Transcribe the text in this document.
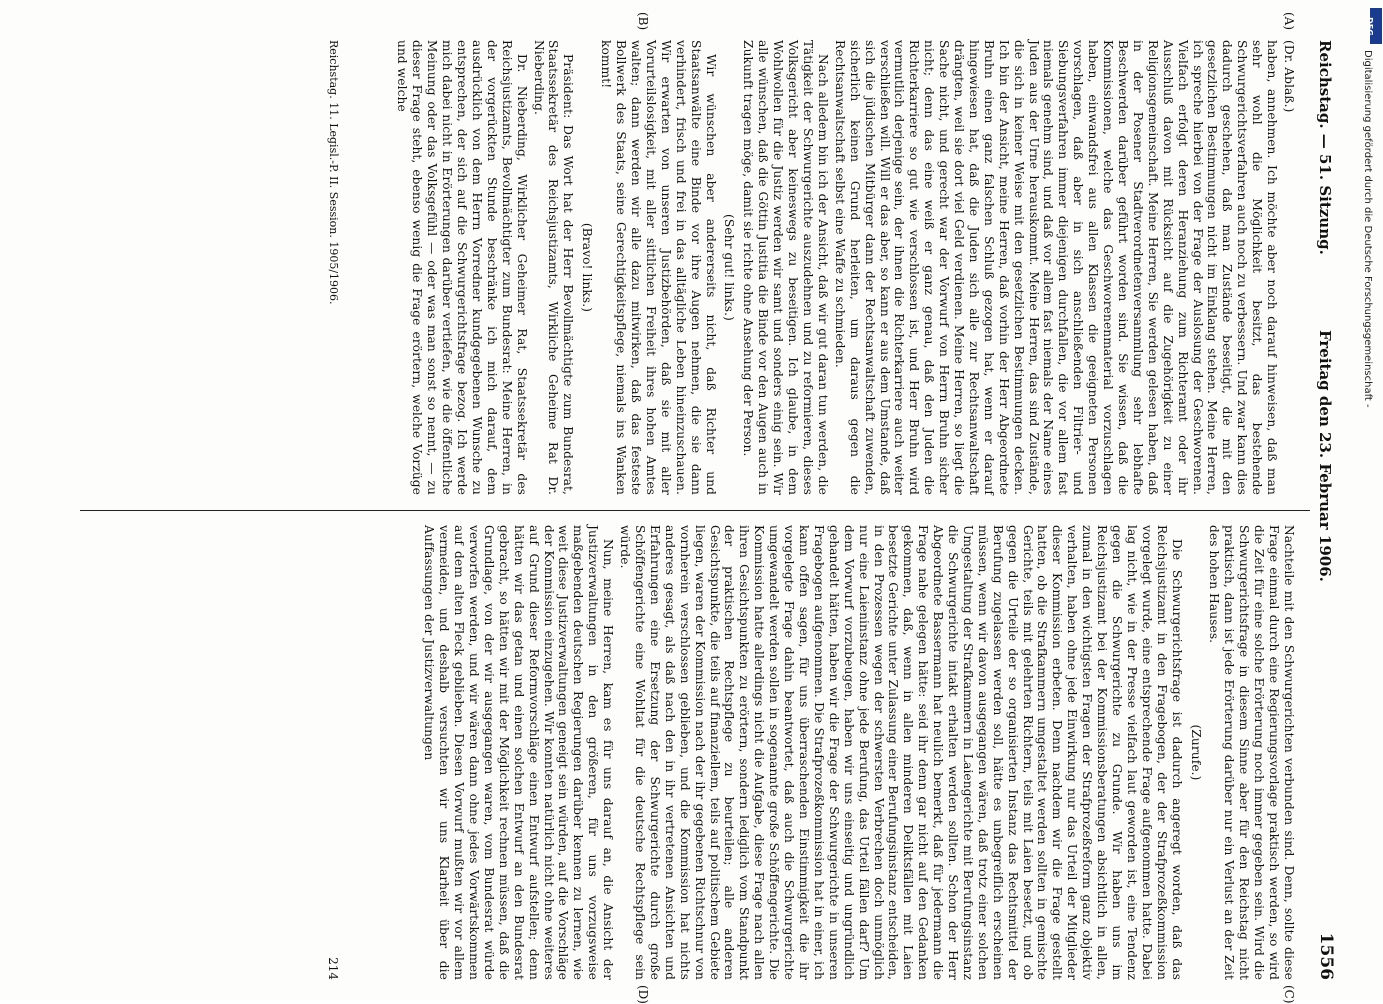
Reichstag. — 51. Sitzung.
Freitag den 23. Februar 1906.
1556

(Dr. Ablaß.)

haben, annehmen. Ich möchte aber noch darauf hinweisen, daß man sehr wohl die Möglichkeit besitzt, das bestehende Schwurgerichtsverfahren auch noch zu verbessern. Und zwar kann dies dadurch geschehen, daß man Zustände beseitigt, die mit den gesetzlichen Bestimmungen nicht im Einklang stehen. Meine Herren, ich spreche hierbei von der Frage der Auslosung der Geschworenen. Vielfach erfolgt deren Heranziehung zum Richteramt oder ihr Ausschluß davon mit Rücksicht auf die Zugehörigkeit zu einer Religionsgemeinschaft. Meine Herren, Sie werden gelesen haben, daß in der Posener Stadtverordnetenversammlung sehr lebhafte Beschwerden darüber geführt worden sind. Sie wissen, daß die Kommissionen, welche das Geschworenenmaterial vorzuschlagen haben, einwandsfrei aus allen Klassen die geeigneten Personen vorschlagen, daß aber in sich anschließenden Filtrier- und Siebungsverfahren immer diejenigen durchfallen, die vor allem fast niemals genehm sind, und daß vor allem fast niemals der Name eines Juden aus der Urne herauskommt. Meine Herren, das sind Zustände, die sich in keiner Weise mit den gesetzlichen Bestimmungen decken. Ich bin der Ansicht, meine Herren, daß vorhin der Herr Abgeordnete Bruhn einen ganz falschen Schluß gezogen hat, wenn er darauf hingewiesen hat, daß die Juden sich alle zur Rechtsanwaltschaft drängten, weil sie dort viel Geld verdienen. Meine Herren, so liegt die Sache nicht, und gerecht war der Vorwurf von Herrn Bruhn sicher nicht; denn das eine weiß er ganz genau, daß den Juden die Richterkarriere so gut wie verschlossen ist, und Herr Bruhn wird vermutlich derjenige sein, der ihnen die Richterkarriere auch weiter verschließen will. Will er das aber, so kann er aus dem Umstande, daß sich die jüdischen Mitbürger dann der Rechtsanwaltschaft zuwenden, sicherlich keinen Grund herleiten, um daraus gegen die Rechtsanwaltschaft selbst eine Waffe zu schmieden.

Nach alledem bin ich der Ansicht, daß wir gut daran tun werden, die Tätigkeit der Schwurgerichte auszudehnen und zu reformieren, dieses Volksgericht aber keineswegs zu beseitigen. Ich glaube, in dem Wohlwollen für die Justiz werden wir samt und sonders einig sein. Wir alle wünschen, daß die Göttin Justitia die Binde vor den Augen auch in Zukunft tragen möge, damit sie richte ohne Ansehung der Person.

(Sehr gut! links.)

Wir wünschen aber andererseits nicht, daß Richter und Staatsanwälte eine Binde vor ihre Augen nehmen, die sie dann verhindert, frisch und frei in das alltägliche Leben hineinzuschauen. Wir erwarten von unseren Justizbehörden, daß sie mit aller Vorurteilslosigkeit, mit aller sittlichen Freiheit ihres hohen Amtes walten; dann werden wir alle dazu mitwirken, daß das festeste Bollwerk des Staats, seine Gerechtigkeitspflege, niemals ins Wanken kommt!

(Bravo! links.)

Präsident: Das Wort hat der Herr Bevollmächtigte zum Bundesrat, Staatssekretär des Reichsjustizamts, Wirkliche Geheime Rat Dr. Nieberding.

Dr. Nieberding, Wirklicher Geheimer Rat, Staatssekretär des Reichsjustizamts, Bevollmächtigter zum Bundesrat: Meine Herren, in der vorgerückten Stunde beschränke ich mich darauf, dem ausdrücklich von dem Herrn Vorredner kundgegebenen Wunsche zu entsprechen, der sich auf die Schwurgerichtsfrage bezog. Ich werde mich dabei nicht in Erörterungen darüber vertiefen, wie die öffentliche Meinung oder das Volksgefühl — oder was man sonst so nennt, — zu dieser Frage steht, ebenso wenig die Frage erörtern, welche Vorzüge und welche

Nachteile mit den Schwurgerichten verbunden sind. Denn, sollte diese Frage einmal durch eine Regierungsvorlage praktisch werden, so wird die Zeit für eine solche Erörterung noch immer gegeben sein. Wird die Schwurgerichtsfrage in diesem Sinne aber für den Reichstag nicht praktisch, dann ist jede Erörterung darüber nur ein Verlust an der Zeit des hohen Hauses.

(Zurufe.)

Die Schwurgerichtsfrage ist dadurch angeregt worden, daß das Reichsjustizamt in den Fragebogen, der der Strafprozeßkommission vorgelegt wurde, eine entsprechende Frage aufgenommen hatte. Dabei lag nicht, wie in der Presse vielfach laut geworden ist, eine Tendenz gegen die Schwurgerichte zu Grunde. Wir haben uns im Reichsjustizamt bei der Kommissionsberatungen absichtlich in allen, zumal in den wichtigsten Fragen der Strafprozeßreform ganz objektiv verhalten, haben ohne jede Einwirkung nur das Urteil der Mitglieder dieser Kommission erbeten. Denn nachdem wir die Frage gestellt hatten, ob die Strafkammern umgestaltet werden sollten in gemischte Gerichte, teils mit gelehrten Richtern, teils mit Laien besetzt, und ob gegen die Urteile der so organisierten Instanz das Rechtsmittel der Berufung zugelassen werden soll, hätte es unbegreiflich erscheinen müssen, wenn wir davon ausgegangen wären, daß trotz einer solchen Umgestaltung der Strafkammern in Laiengerichte mit Berufungsinstanz die Schwurgerichte intakt erhalten werden sollten. Schon der Herr Abgeordnete Bassermann hat neulich bemerkt, daß für jedermann die Frage nahe gelegen hätte: seid ihr denn gar nicht auf den Gedanken gekommen, daß, wenn in allen minderen Deliktsfällen mit Laien besetzte Gerichte unter Zulassung einer Berufungsinstanz entscheiden, in den Prozessen wegen der schwersten Verbrechen doch unmöglich nur eine Laieninstanz ohne jede Berufung, das Urteil fällen darf? Um dem Vorwurf vorzubeugen, haben wir uns einseitig und ungründlich gehandelt hätten, haben wir die Frage der Schwurgerichte in unseren Fragebogen aufgenommen. Die Strafprozeßkommission hat in einer, ich kann offen sagen, für uns überraschenden Einstimmigkeit die ihr vorgelegte Frage dahin beantwortet, daß auch die Schwurgerichte umgewandelt werden sollen in sogenannte große Schöffengerichte. Die Kommission hatte allerdings nicht die Aufgabe, diese Frage nach allen ihren Gesichtspunkten zu erörtern, sondern lediglich vom Standpunkt der praktischen Rechtspflege zu beurteilen; alle anderen Gesichtspunkte, die teils auf finanziellem, teils auf politischem Gebiete liegen, waren der Kommission nach der ihr gegebenen Richtschnur von vornherein verschlossen geblieben, und die Kommission hat nichts anderes gesagt, als daß nach den in ihr vertretenen Ansichten und Erfahrungen eine Ersetzung der Schwurgerichte durch große Schöffengerichte eine Wohltat für die deutsche Rechtspflege sein würde.

Nun, meine Herren, kam es für uns darauf an, die Ansicht der Justizverwaltungen in den größeren, für uns vorzugsweise maßgebenden deutschen Regierungen darüber kennen zu lernen, wie weit diese Justizverwaltungen geneigt sein würden, auf die Vorschläge der Kommission einzugehen. Wir konnten natürlich nicht ohne weiteres auf Grund dieser Reformvorschläge einen Entwurf aufstellen; denn hätten wir das getan und einen solchen Entwurf an den Bundesrat gebracht, so hätten wir mit der Möglichkeit rechnen müssen, daß die Grundlage, von der wir ausgegangen waren, vom Bundesrat würde verworfen werden, und wir wären dann ohne jedes Vorwärtskommen auf dem alten Fleck geblieben. Diesen Vorwurf mußten wir vor allem vermeiden, und deshalb versuchten wir uns Klarheit über die Auffassungen der Justizverwaltungen

(A)
(B)
(C)
(D)
Reichstag. 11. Legisl.-P. II. Session. 1905/1906.
214
DFG
Digitalisierung gefördert durch die Deutsche Forschungsgemeinschaft -
